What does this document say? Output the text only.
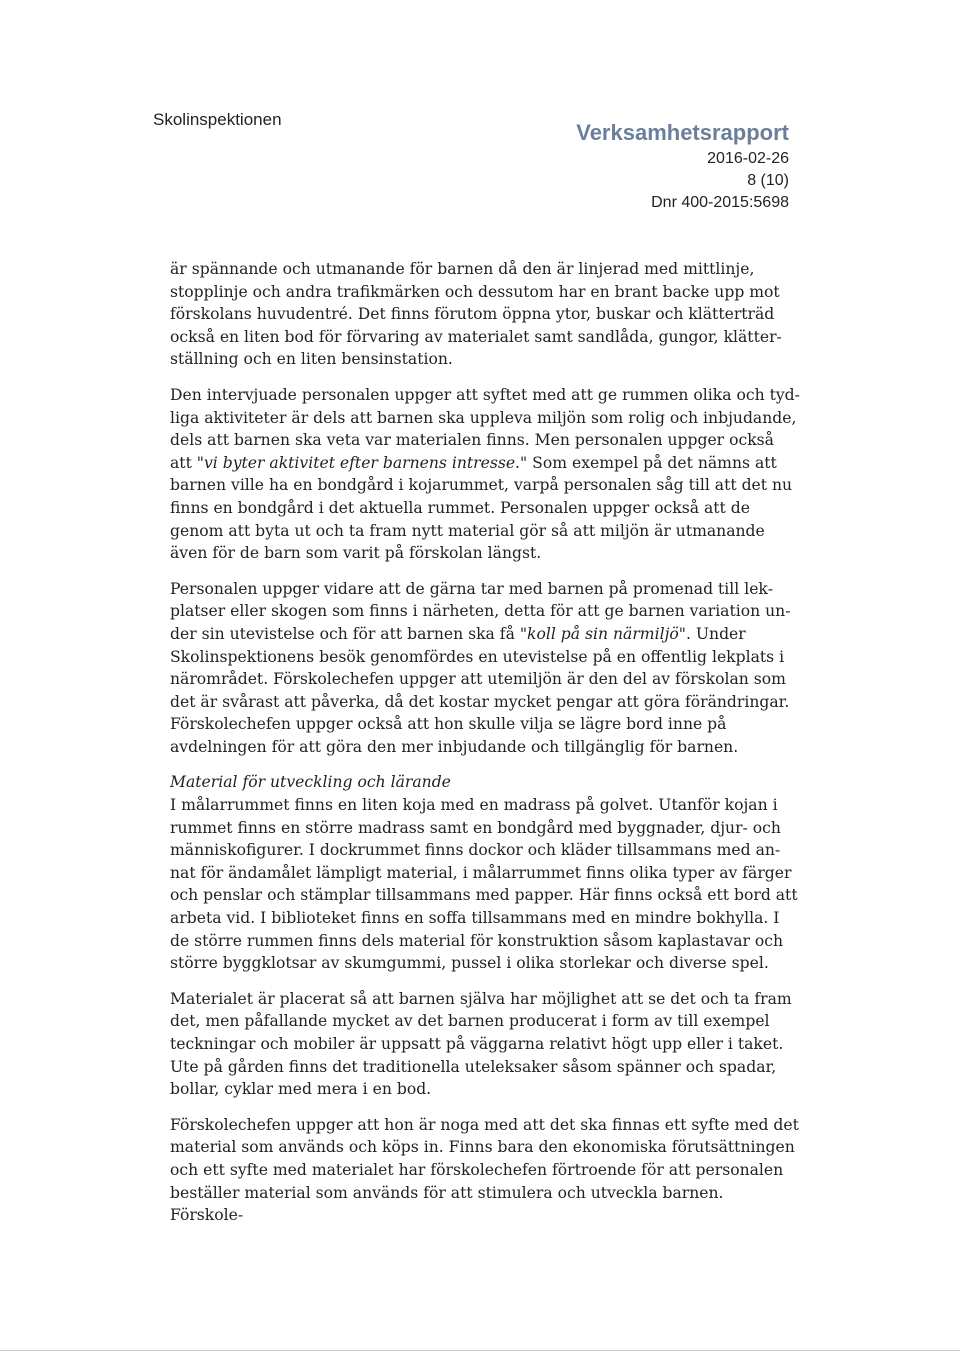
Skolinspektionen
Verksamhetsrapport
2016-02-26
8 (10)
Dnr 400-2015:5698

är spännande och utmanande för barnen då den är linjerad med mittlinje, stopplinje och andra trafikmärken och dessutom har en brant backe upp mot förskolans huvudentré. Det finns förutom öppna ytor, buskar och klätterträd också en liten bod för förvaring av materialet samt sandlåda, gungor, klätterställning och en liten bensinstation.

Den intervjuade personalen uppger att syftet med att ge rummen olika och tydliga aktiviteter är dels att barnen ska uppleva miljön som rolig och inbjudande, dels att barnen ska veta var materialen finns. Men personalen uppger också att "vi byter aktivitet efter barnens intresse." Som exempel på det nämns att barnen ville ha en bondgård i kojarummet, varpå personalen såg till att det nu finns en bondgård i det aktuella rummet. Personalen uppger också att de genom att byta ut och ta fram nytt material gör så att miljön är utmanande även för de barn som varit på förskolan längst.

Personalen uppger vidare att de gärna tar med barnen på promenad till lekplatser eller skogen som finns i närheten, detta för att ge barnen variation under sin utevistelse och för att barnen ska få "koll på sin närmiljö". Under Skolinspektionens besök genomfördes en utevistelse på en offentlig lekplats i närområdet. Förskolechefen uppger att utemiljön är den del av förskolan som det är svårast att påverka, då det kostar mycket pengar att göra förändringar. Förskolechefen uppger också att hon skulle vilja se lägre bord inne på avdelningen för att göra den mer inbjudande och tillgänglig för barnen.

Material för utveckling och lärande

I målarrummet finns en liten koja med en madrass på golvet. Utanför kojan i rummet finns en större madrass samt en bondgård med byggnader, djur- och människofigurer. I dockrummet finns dockor och kläder tillsammans med annat för ändamålet lämpligt material, i målarrummet finns olika typer av färger och penslar och stämplar tillsammans med papper. Här finns också ett bord att arbeta vid. I biblioteket finns en soffa tillsammans med en mindre bokhylla. I de större rummen finns dels material för konstruktion såsom kaplastavar och större byggklotsar av skumgummi, pussel i olika storlekar och diverse spel.

Materialet är placerat så att barnen själva har möjlighet att se det och ta fram det, men påfallande mycket av det barnen producerat i form av till exempel teckningar och mobiler är uppsatt på väggarna relativt högt upp eller i taket. Ute på gården finns det traditionella uteleksaker såsom spänner och spadar, bollar, cyklar med mera i en bod.

Förskolechefen uppger att hon är noga med att det ska finnas ett syfte med det material som används och köps in. Finns bara den ekonomiska förutsättningen och ett syfte med materialet har förskolechefen förtroende för att personalen beställer material som används för att stimulera och utveckla barnen. Förskole-
